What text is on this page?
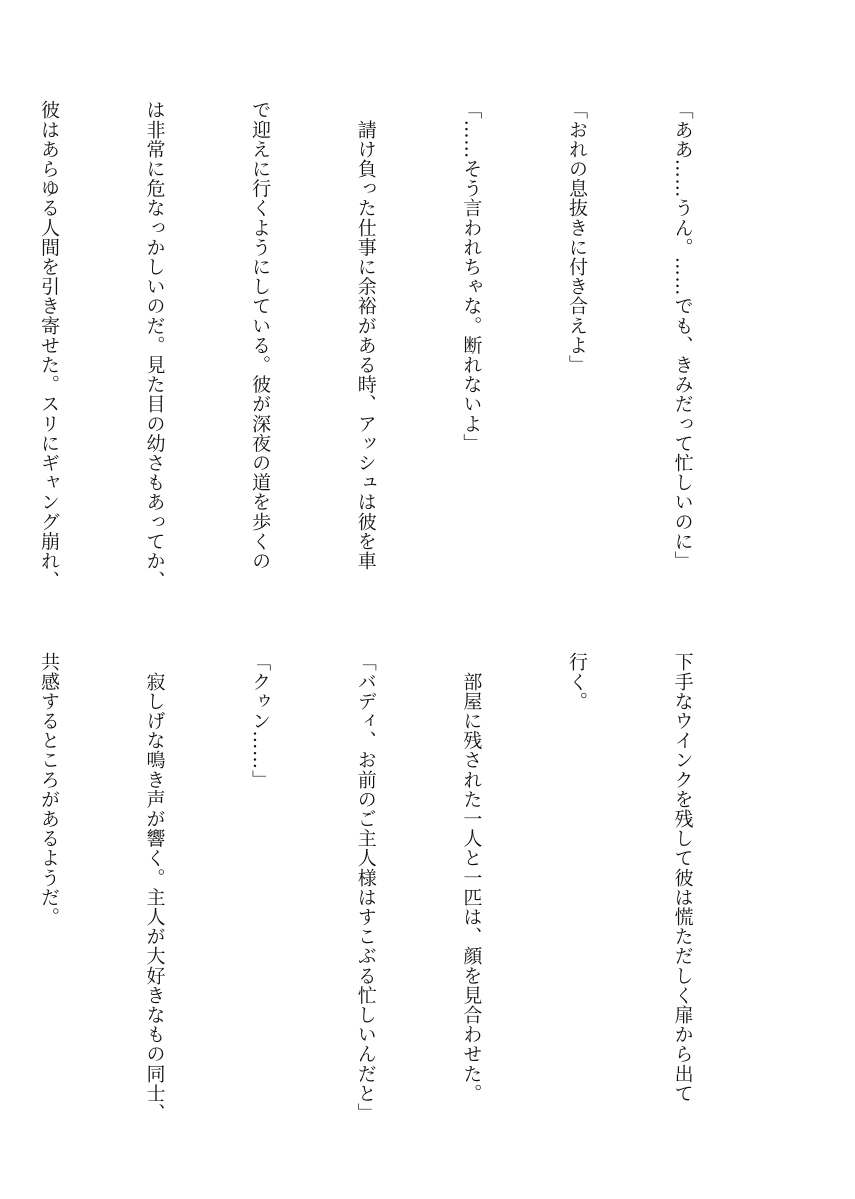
「ああ……うん。……でも、きみだって忙しいのに」

「おれの息抜きに付き合えよ」

「……そう言われちゃな。断れないよ」

　請け負った仕事に余裕がある時、アッシュは彼を車

で迎えに行くようにしている。彼が深夜の道を歩くの

は非常に危なっかしいのだ。見た目の幼さもあってか、

彼はあらゆる人間を引き寄せた。スリにギャング崩れ、

下手なウインクを残して彼は慌ただしく扉から出て

行く。

　部屋に残された一人と一匹は、顔を見合わせた。

「バディ、お前のご主人様はすこぶる忙しいんだと」

「クゥン……」

　寂しげな鳴き声が響く。主人が大好きなもの同士、

共感するところがあるようだ。
